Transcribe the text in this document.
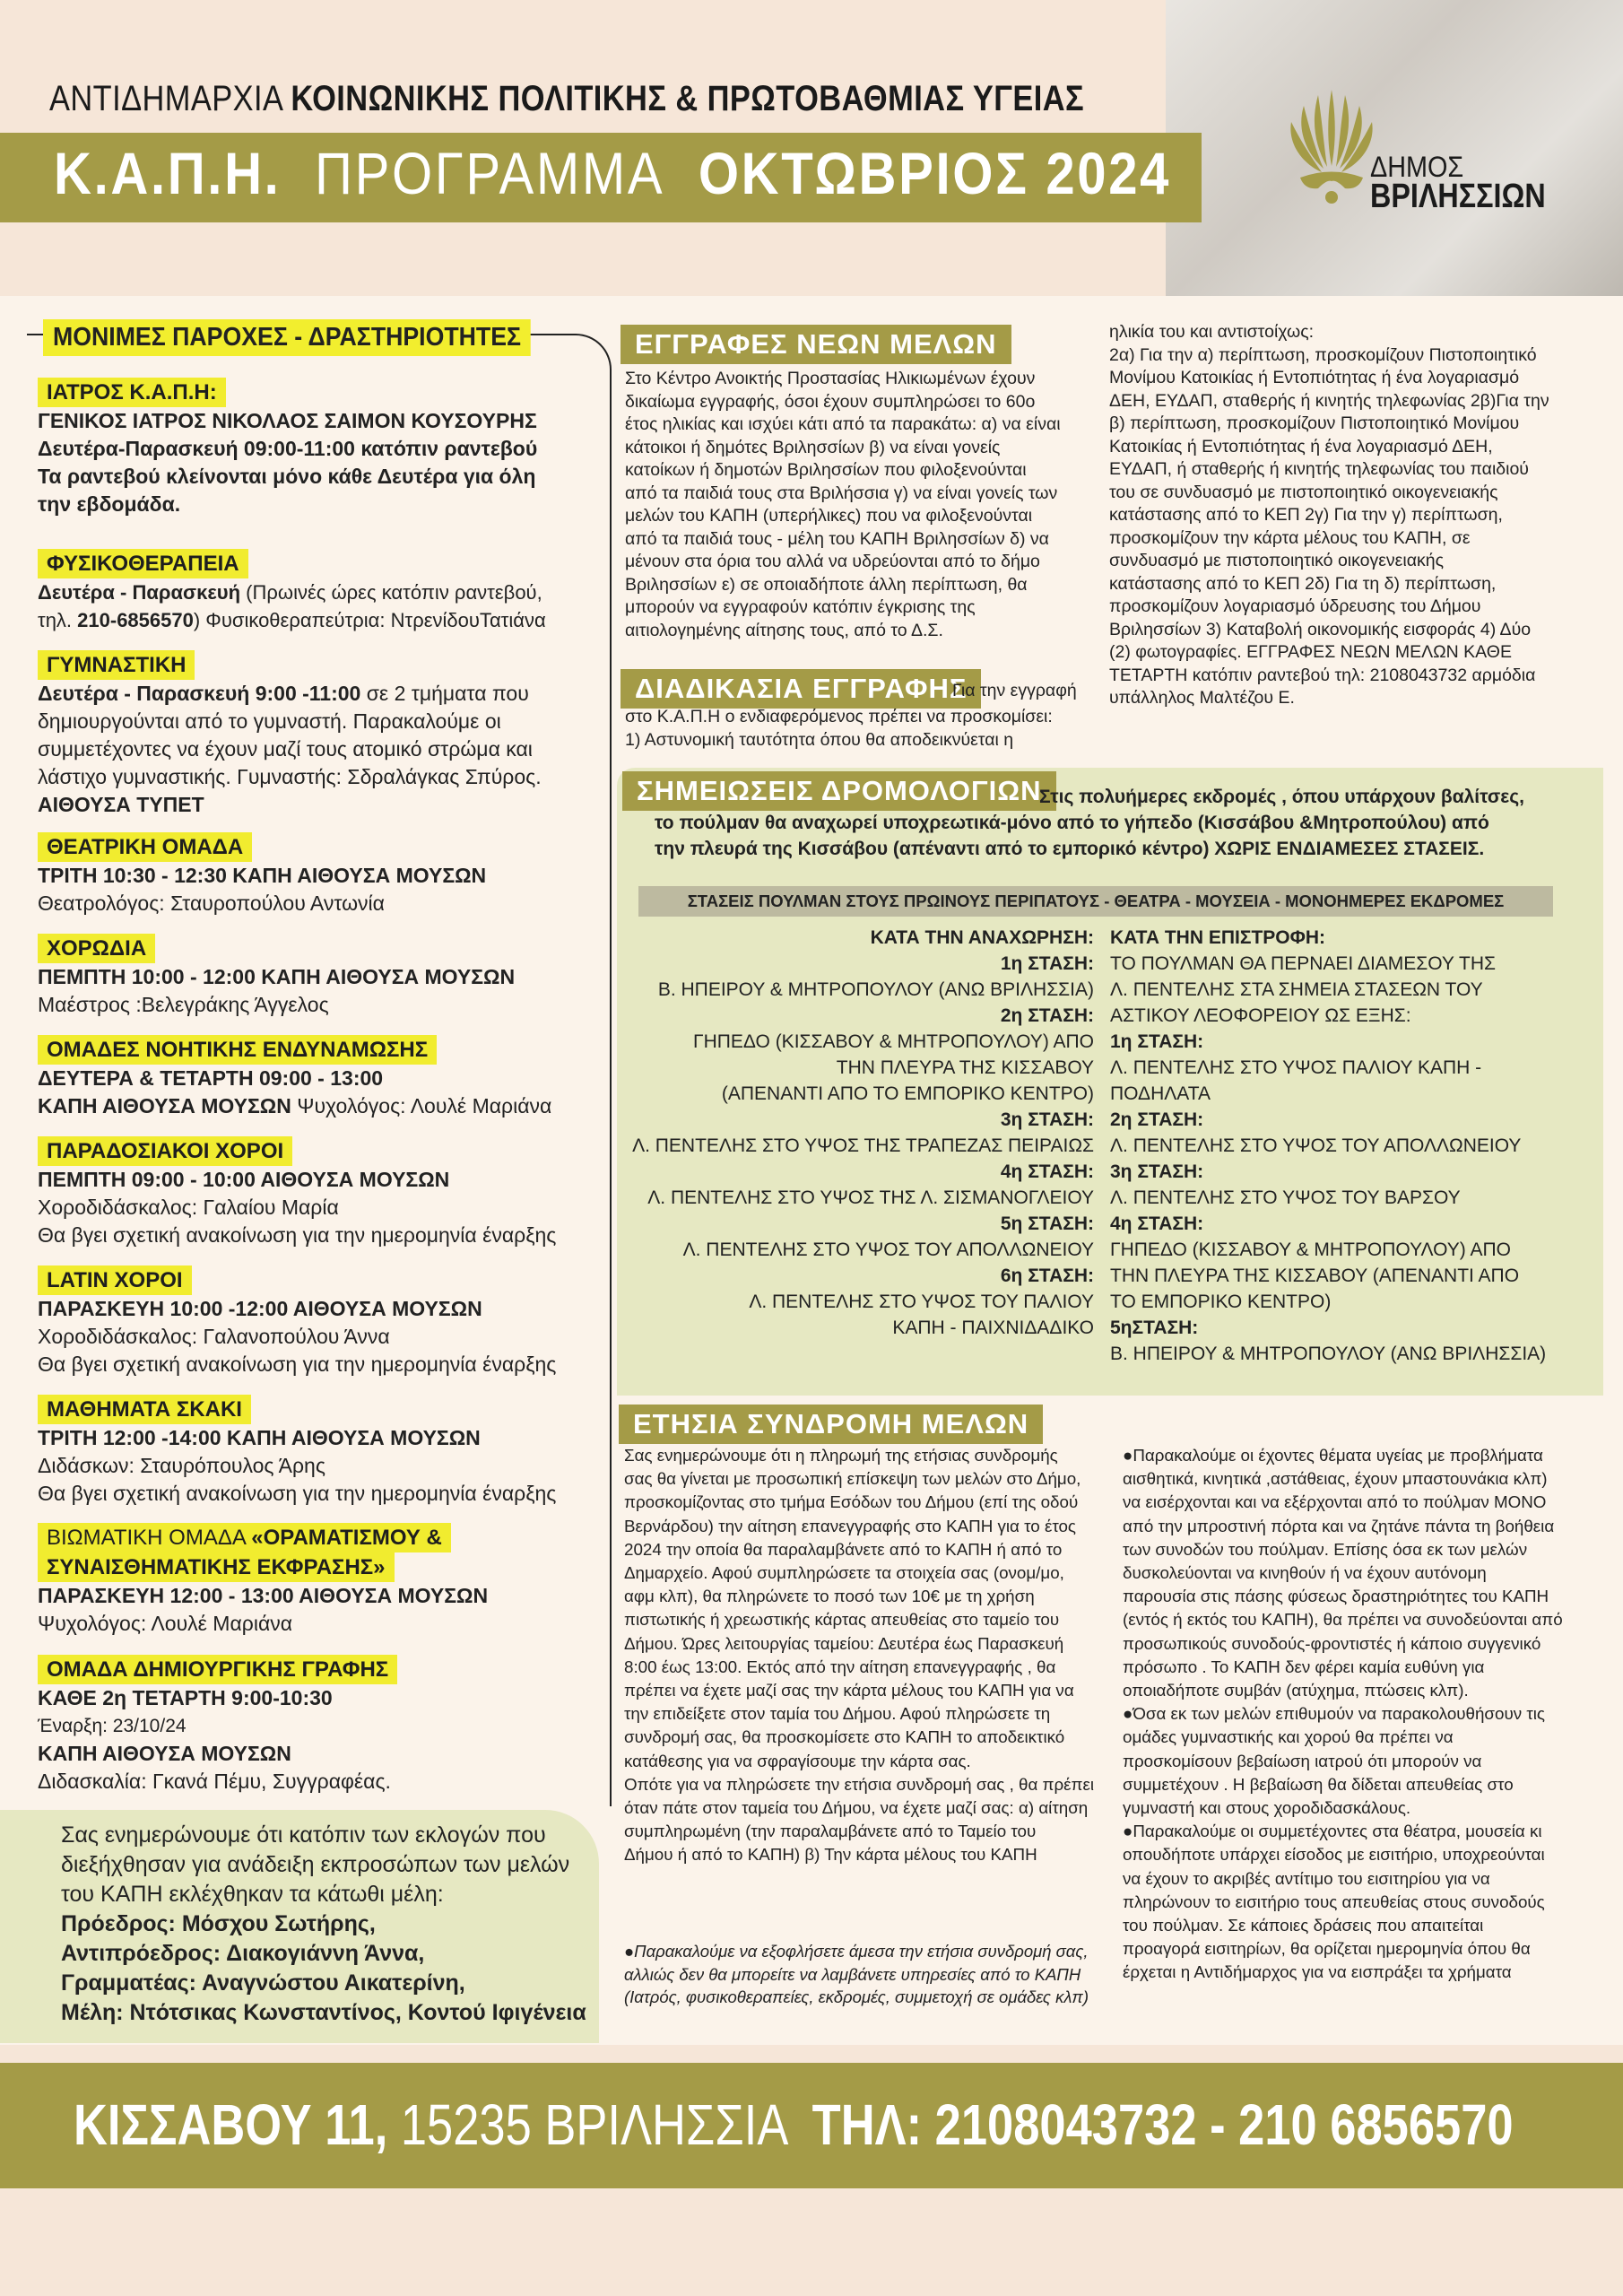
ΑΝΤΙΔΗΜΑΡΧΙΑ ΚΟΙΝΩΝΙΚΗΣ ΠΟΛΙΤΙΚΗΣ & ΠΡΩΤΟΒΑΘΜΙΑΣ ΥΓΕΙΑΣ
Κ.Α.Π.Η. ΠΡΟΓΡΑΜΜΑ ΟΚΤΩΒΡΙΟΣ 2024	ΔΗΜΟΣ
ΒΡΙΛΗΣΣΙΩΝ
ΜΟΝΙΜΕΣ ΠΑΡΟΧΕΣ - ΔΡΑΣΤΗΡΙΟΤΗΤΕΣ
ΙΑΤΡΟΣ Κ.Α.Π.Η:
ΓΕΝΙΚΟΣ ΙΑΤΡΟΣ ΝΙΚΟΛΑΟΣ ΣΑΙΜΟΝ ΚΟΥΣΟΥΡΗΣ
Δευτέρα-Παρασκευή 09:00-11:00 κατόπιν ραντεβού
Τα ραντεβού κλείνονται μόνο κάθε Δευτέρα για όλη
την εβδομάδα.
ΦΥΣΙΚΟΘΕΡΑΠΕΙΑ
Δευτέρα - Παρασκευή (Πρωινές ώρες κατόπιν ραντεβού,
τηλ. 210-6856570) Φυσικοθεραπεύτρια: ΝτρενίδουΤατιάνα
ΓΥΜΝΑΣΤΙΚΗ
Δευτέρα - Παρασκευή 9:00 -11:00 σε 2 τμήματα που
δημιουργούνται από το γυμναστή. Παρακαλούμε οι
συμμετέχοντες να έχουν μαζί τους ατομικό στρώμα και
λάστιχο γυμναστικής. Γυμναστής: Σδραλάγκας Σπύρος.
ΑΙΘΟΥΣΑ ΤΥΠΕΤ
ΘΕΑΤΡΙΚΗ ΟΜΑΔΑ
ΤΡΙΤΗ 10:30 - 12:30 ΚΑΠΗ ΑΙΘΟΥΣΑ ΜΟΥΣΩΝ
Θεατρολόγος: Σταυροπούλου Αντωνία
ΧΟΡΩΔΙΑ
ΠΕΜΠΤΗ 10:00 - 12:00 ΚΑΠΗ ΑΙΘΟΥΣΑ ΜΟΥΣΩΝ
Μαέστρος :Βελεγράκης Άγγελος
ΟΜΑΔΕΣ ΝΟΗΤΙΚΗΣ ΕΝΔΥΝΑΜΩΣΗΣ
ΔΕΥΤΕΡΑ & ΤΕΤΑΡΤΗ 09:00 - 13:00
ΚΑΠΗ ΑΙΘΟΥΣΑ ΜΟΥΣΩΝ Ψυχολόγος: Λουλέ Μαριάνα
ΠΑΡΑΔΟΣΙΑΚΟΙ ΧΟΡΟΙ
ΠΕΜΠΤΗ 09:00 - 10:00 ΑΙΘΟΥΣΑ ΜΟΥΣΩΝ
Χοροδιδάσκαλος: Γαλαίου Μαρία
Θα βγει σχετική ανακοίνωση για την ημερομηνία έναρξης
LATIN ΧΟΡΟΙ
ΠΑΡΑΣΚΕΥΗ 10:00 -12:00 ΑΙΘΟΥΣΑ ΜΟΥΣΩΝ
Χοροδιδάσκαλος: Γαλανοπούλου Άννα
Θα βγει σχετική ανακοίνωση για την ημερομηνία έναρξης
ΜΑΘΗΜΑΤΑ ΣΚΑΚΙ
ΤΡΙΤΗ 12:00 -14:00 ΚΑΠΗ ΑΙΘΟΥΣΑ ΜΟΥΣΩΝ
Διδάσκων: Σταυρόπουλος Άρης
Θα βγει σχετική ανακοίνωση για την ημερομηνία έναρξης
ΒΙΩΜΑΤΙΚΗ ΟΜΑΔΑ «ΟΡΑΜΑΤΙΣΜΟΥ &
ΣΥΝΑΙΣΘΗΜΑΤΙΚΗΣ ΕΚΦΡΑΣΗΣ»
ΠΑΡΑΣΚΕΥΗ 12:00 - 13:00 ΑΙΘΟΥΣΑ ΜΟΥΣΩΝ
Ψυχολόγος: Λουλέ Μαριάνα
ΟΜΑΔΑ ΔΗΜΙΟΥΡΓΙΚΗΣ ΓΡΑΦΗΣ
ΚΑΘΕ 2η ΤΕΤΑΡΤΗ 9:00-10:30
Έναρξη: 23/10/24
ΚΑΠΗ ΑΙΘΟΥΣΑ ΜΟΥΣΩΝ
Διδασκαλία: Γκανά Πέμυ, Συγγραφέας.
Σας ενημερώνουμε ότι κατόπιν των εκλογών που
διεξήχθησαν για ανάδειξη εκπροσώπων των μελών
του ΚΑΠΗ εκλέχθηκαν τα κάτωθι μέλη:
Πρόεδρος: Μόσχου Σωτήρης,
Αντιπρόεδρος: Διακογιάννη Άννα,
Γραμματέας: Αναγνώστου Αικατερίνη,
Μέλη: Ντότσικας Κωνσταντίνος, Κοντού Ιφιγένεια
ΕΓΓΡΑΦΕΣ ΝΕΩΝ ΜΕΛΩΝ
Στο Κέντρο Ανοικτής Προστασίας Ηλικιωμένων έχουν
δικαίωμα εγγραφής, όσοι έχουν συμπληρώσει το 60ο
έτος ηλικίας και ισχύει κάτι από τα παρακάτω: α) να είναι
κάτοικοι ή δημότες Βριλησσίων β) να είναι γονείς
κατοίκων ή δημοτών Βριλησσίων που φιλοξενούνται
από τα παιδιά τους στα Βριλήσσια γ) να είναι γονείς των
μελών του ΚΑΠΗ (υπερήλικες) που να φιλοξενούνται
από τα παιδιά τους - μέλη του ΚΑΠΗ Βριλησσίων δ) να
μένουν στα όρια του αλλά να υδρεύονται από το δήμο
Βριλησσίων ε) σε οποιαδήποτε άλλη περίπτωση, θα
μπορούν να εγγραφούν κατόπιν έγκρισης της
αιτιολογημένης αίτησης τους, από το Δ.Σ.
ΔΙΑΔΙΚΑΣΙΑ ΕΓΓΡΑΦΗΣ
Για την εγγραφή
στο Κ.Α.Π.Η ο ενδιαφερόμενος πρέπει να προσκομίσει:
1) Αστυνομική ταυτότητα όπου θα αποδεικνύεται η
ηλικία του και αντιστοίχως:
2α) Για την α) περίπτωση, προσκομίζουν Πιστοποιητικό
Μονίμου Κατοικίας ή Εντοπιότητας ή ένα λογαριασμό
ΔΕΗ, ΕΥΔΑΠ, σταθερής ή κινητής τηλεφωνίας 2β)Για την
β) περίπτωση, προσκομίζουν Πιστοποιητικό Μονίμου
Κατοικίας ή Εντοπιότητας ή ένα λογαριασμό ΔΕΗ,
ΕΥΔΑΠ, ή σταθερής ή κινητής τηλεφωνίας του παιδιού
του σε συνδυασμό με πιστοποιητικό οικογενειακής
κατάστασης από το ΚΕΠ 2γ) Για την γ) περίπτωση,
προσκομίζουν την κάρτα μέλους του ΚΑΠΗ, σε
συνδυασμό με πιστοποιητικό οικογενειακής
κατάστασης από το ΚΕΠ 2δ) Για τη δ) περίπτωση,
προσκομίζουν λογαριασμό ύδρευσης του Δήμου
Βριλησσίων 3) Καταβολή οικονομικής εισφοράς 4) Δύο
(2) φωτογραφίες. ΕΓΓΡΑΦΕΣ ΝΕΩΝ ΜΕΛΩΝ ΚΑΘΕ
ΤΕΤΑΡΤΗ κατόπιν ραντεβού τηλ: 2108043732 αρμόδια
υπάλληλος Μαλτέζου Ε.
ΣΗΜΕΙΩΣΕΙΣ ΔΡΟΜΟΛΟΓΙΩΝ
Στις πολυήμερες εκδρομές , όπου υπάρχουν βαλίτσες,
το πούλμαν θα αναχωρεί υποχρεωτικά-μόνο από το γήπεδο (Κισσάβου &Μητροπούλου) από
την πλευρά της Κισσάβου (απέναντι από το εμπορικό κέντρο) ΧΩΡΙΣ ΕΝΔΙΑΜΕΣΕΣ ΣΤΑΣΕΙΣ.
ΣΤΑΣΕΙΣ ΠΟΥΛΜΑΝ ΣΤΟΥΣ ΠΡΩΙΝΟΥΣ ΠΕΡΙΠΑΤΟΥΣ - ΘΕΑΤΡΑ - ΜΟΥΣΕΙΑ - ΜΟΝΟΗΜΕΡΕΣ ΕΚΔΡΟΜΕΣ
ΚΑΤΑ ΤΗΝ ΑΝΑΧΩΡΗΣΗ:
1η ΣΤΑΣΗ:
Β. ΗΠΕΙΡΟΥ & ΜΗΤΡΟΠΟΥΛΟΥ (ΑΝΩ ΒΡΙΛΗΣΣΙΑ)
2η ΣΤΑΣΗ:
ΓΗΠΕΔΟ (ΚΙΣΣΑΒΟΥ & ΜΗΤΡΟΠΟΥΛΟΥ) ΑΠΟ
ΤΗΝ ΠΛΕΥΡΑ ΤΗΣ ΚΙΣΣΑΒΟΥ
(ΑΠΕΝΑΝΤΙ ΑΠΟ ΤΟ ΕΜΠΟΡΙΚΟ ΚΕΝΤΡΟ)
3η ΣΤΑΣΗ:
Λ. ΠΕΝΤΕΛΗΣ ΣΤΟ ΥΨΟΣ ΤΗΣ ΤΡΑΠΕΖΑΣ ΠΕΙΡΑΙΩΣ
4η ΣΤΑΣΗ:
Λ. ΠΕΝΤΕΛΗΣ ΣΤΟ ΥΨΟΣ ΤΗΣ Λ. ΣΙΣΜΑΝΟΓΛΕΙΟΥ
5η ΣΤΑΣΗ:
Λ. ΠΕΝΤΕΛΗΣ ΣΤΟ ΥΨΟΣ ΤΟΥ ΑΠΟΛΛΩΝΕΙΟΥ
6η ΣΤΑΣΗ:
Λ. ΠΕΝΤΕΛΗΣ ΣΤΟ ΥΨΟΣ ΤΟΥ ΠΑΛΙΟΥ
ΚΑΠΗ - ΠΑΙΧΝΙΔΑΔΙΚΟ
ΚΑΤΑ ΤΗΝ ΕΠΙΣΤΡΟΦΗ:
ΤΟ ΠΟΥΛΜΑΝ ΘΑ ΠΕΡΝΑΕΙ ΔΙΑΜΕΣΟΥ ΤΗΣ
Λ. ΠΕΝΤΕΛΗΣ ΣΤΑ ΣΗΜΕΙΑ ΣΤΑΣΕΩΝ ΤΟΥ
ΑΣΤΙΚΟΥ ΛΕΟΦΟΡΕΙΟΥ ΩΣ ΕΞΗΣ:
1η ΣΤΑΣΗ:
Λ. ΠΕΝΤΕΛΗΣ ΣΤΟ ΥΨΟΣ ΠΑΛΙΟΥ ΚΑΠΗ -
ΠΟΔΗΛΑΤΑ
2η ΣΤΑΣΗ:
Λ. ΠΕΝΤΕΛΗΣ ΣΤΟ ΥΨΟΣ ΤΟΥ ΑΠΟΛΛΩΝΕΙΟΥ
3η ΣΤΑΣΗ:
Λ. ΠΕΝΤΕΛΗΣ ΣΤΟ ΥΨΟΣ ΤΟΥ ΒΑΡΣΟΥ
4η ΣΤΑΣΗ:
ΓΗΠΕΔΟ (ΚΙΣΣΑΒΟΥ & ΜΗΤΡΟΠΟΥΛΟΥ) ΑΠΟ
ΤΗΝ ΠΛΕΥΡΑ ΤΗΣ ΚΙΣΣΑΒΟΥ (ΑΠΕΝΑΝΤΙ ΑΠΟ
ΤΟ ΕΜΠΟΡΙΚΟ ΚΕΝΤΡΟ)
5ηΣΤΑΣΗ:
Β. ΗΠΕΙΡΟΥ & ΜΗΤΡΟΠΟΥΛΟΥ (ΑΝΩ ΒΡΙΛΗΣΣΙΑ)
ΕΤΗΣΙΑ ΣΥΝΔΡΟΜΗ ΜΕΛΩΝ
Σας ενημερώνουμε ότι η πληρωμή της ετήσιας συνδρομής
σας θα γίνεται με προσωπική επίσκεψη των μελών στο Δήμο,
προσκομίζοντας στο τμήμα Εσόδων του Δήμου (επί της οδού
Βερνάρδου) την αίτηση επανεγγραφής στο ΚΑΠΗ για το έτος
2024 την οποία θα παραλαμβάνετε από το ΚΑΠΗ ή από το
Δημαρχείο. Αφού συμπληρώσετε τα στοιχεία σας (ονομ/μο,
αφμ κλπ), θα πληρώνετε το ποσό των 10€ με τη χρήση
πιστωτικής ή χρεωστικής κάρτας απευθείας στο ταμείο του
Δήμου. Ώρες λειτουργίας ταμείου: Δευτέρα έως Παρασκευή
8:00 έως 13:00. Εκτός από την αίτηση επανεγγραφής , θα
πρέπει να έχετε μαζί σας την κάρτα μέλους του ΚΑΠΗ για να
την επιδείξετε στον ταμία του Δήμου. Αφού πληρώσετε τη
συνδρομή σας, θα προσκομίσετε στο ΚΑΠΗ το αποδεικτικό
κατάθεσης για να σφραγίσουμε την κάρτα σας.
Οπότε για να πληρώσετε την ετήσια συνδρομή σας , θα πρέπει
όταν πάτε στον ταμεία του Δήμου, να έχετε μαζί σας: α) αίτηση
συμπληρωμένη (την παραλαμβάνετε από το Ταμείο του
Δήμου ή από το ΚΑΠΗ) β) Την κάρτα μέλους του ΚΑΠΗ
●Παρακαλούμε να εξοφλήσετε άμεσα την ετήσια συνδρομή σας,
αλλιώς δεν θα μπορείτε να λαμβάνετε υπηρεσίες από το ΚΑΠΗ
(Ιατρός, φυσικοθεραπείες, εκδρομές, συμμετοχή σε ομάδες κλπ)
●Παρακαλούμε οι έχοντες θέματα υγείας με προβλήματα
αισθητικά, κινητικά ,αστάθειας, έχουν μπαστουνάκια κλπ)
να εισέρχονται και να εξέρχονται από το πούλμαν ΜΟΝΟ
από την μπροστινή πόρτα και να ζητάνε πάντα τη βοήθεια
των συνοδών του πούλμαν. Επίσης όσα εκ των μελών
δυσκολεύονται να κινηθούν ή να έχουν αυτόνομη
παρουσία στις πάσης φύσεως δραστηριότητες του ΚΑΠΗ
(εντός ή εκτός του ΚΑΠΗ), θα πρέπει να συνοδεύονται από
προσωπικούς συνοδούς-φροντιστές ή κάποιο συγγενικό
πρόσωπο . Το ΚΑΠΗ δεν φέρει καμία ευθύνη για
οποιαδήποτε συμβάν (ατύχημα, πτώσεις κλπ).
●Όσα εκ των μελών επιθυμούν να παρακολουθήσουν τις
ομάδες γυμναστικής και χορού θα πρέπει να
προσκομίσουν βεβαίωση ιατρού ότι μπορούν να
συμμετέχουν . Η βεβαίωση θα δίδεται απευθείας στο
γυμναστή και στους χοροδιδασκάλους.
●Παρακαλούμε οι συμμετέχοντες στα θέατρα, μουσεία κι
οπουδήποτε υπάρχει είσοδος με εισιτήριο, υποχρεούνται
να έχουν το ακριβές αντίτιμο του εισιτηρίου για να
πληρώνουν το εισιτήριο τους απευθείας στους συνοδούς
του πούλμαν. Σε κάποιες δράσεις που απαιτείται
προαγορά εισιτηρίων, θα ορίζεται ημερομηνία όπου θα
έρχεται η Αντιδήμαρχος για να εισπράξει τα χρήματα
ΚΙΣΣΑΒΟΥ 11, 15235 ΒΡΙΛΗΣΣΙΑ  ΤΗΛ: 2108043732 - 210 6856570
